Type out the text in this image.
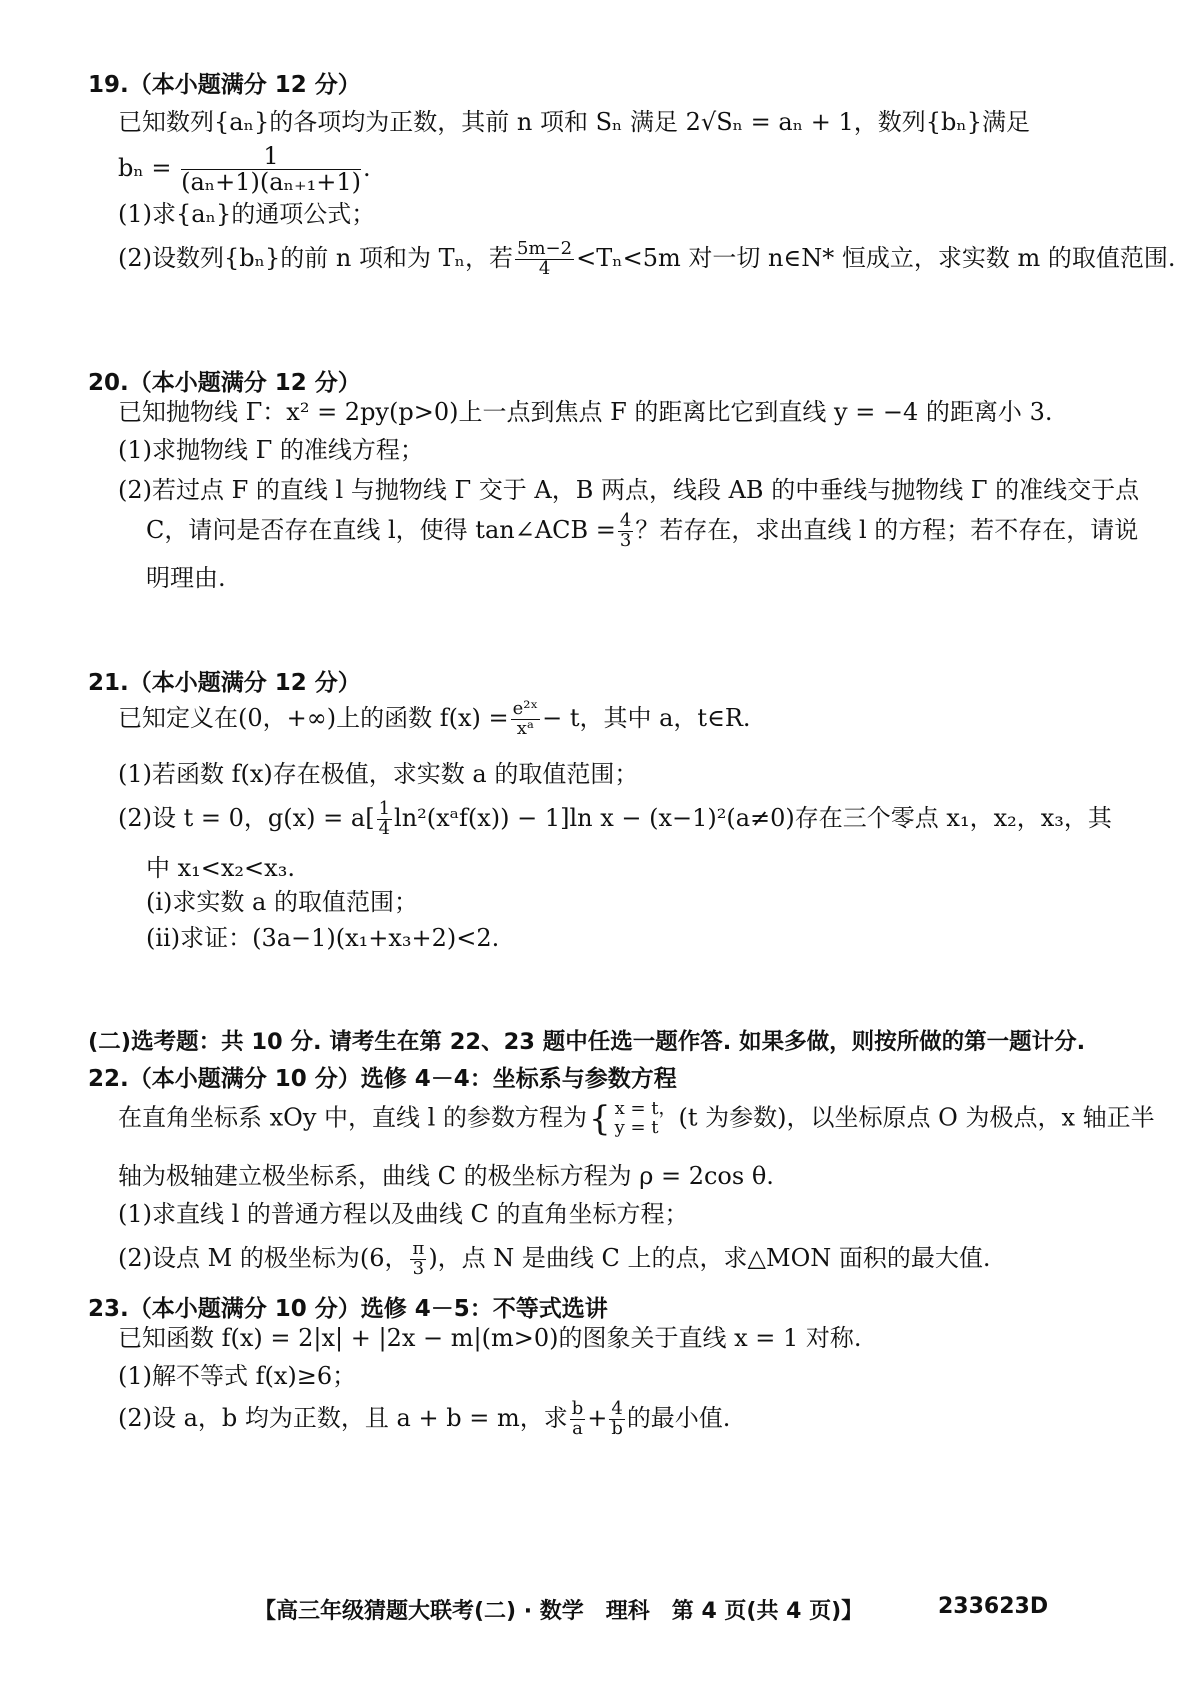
19.（本小题满分 12 分）
已知数列{aₙ}的各项均为正数，其前 n 项和 Sₙ 满足 2√Sₙ = aₙ + 1，数列{bₙ}满足
$b_n = \frac{1}{\text{(aₙ+1)(aₙ₊₁+1)}}$ .
(1)求{aₙ}的通项公式；
(2)设数列{bₙ}的前 n 项和为 Tₙ，若 $\frac{5m-2}{4} <T_n<5m$ 对一切 n∈N* 恒成立，求实数 m 的取值范围.
20.（本小题满分 12 分）
已知抛物线 Γ：x² = 2py(p>0)上一点到焦点 F 的距离比它到直线 y = −4 的距离小 3.
(1)求抛物线 Γ 的准线方程；
(2)若过点 F 的直线 l 与抛物线 Γ 交于 A，B 两点，线段 AB 的中垂线与抛物线 Γ 的准线交于点
C，请问是否存在直线 l，使得 tan∠ACB = $\frac{4}{3}$ ？若存在，求出直线 l 的方程；若不存在，请说
明理由.
21.（本小题满分 12 分）
已知定义在(0，+∞)上的函数 $f(x) = \frac{\text{e²ˣ}}{\text{xᵃ}} - t$，其中 a，t∈R.
(1)若函数 f(x)存在极值，求实数 a 的取值范围；
(2)设 t = 0，$g(x) = a[ \frac{1}{4}$ ln²(xᵃf(x)) − 1]ln x − (x−1)²(a≠0)存在三个零点 x₁，x₂，x₃，其
中 x₁<x₂<x₃.
(ⅰ)求实数 a 的取值范围；
(ⅱ)求证：(3a−1)(x₁+x₃+2)<2.
(二)选考题：共 10 分. 请考生在第 22、23 题中任选一题作答. 如果多做，则按所做的第一题计分.
22.（本小题满分 10 分）选修 4－4：坐标系与参数方程
在直角坐标系 xOy 中，直线 l 的参数方程为{ x = t，
y = t (t 为参数)，以坐标原点 O 为极点，x 轴正半
轴为极轴建立极坐标系，曲线 C 的极坐标方程为 ρ = 2cos θ.
(1)求直线 l 的普通方程以及曲线 C 的直角坐标方程；
(2)设点 M 的极坐标为(6， $\frac{\pi}{3}$ )，点 N 是曲线 C 上的点，求△MON 面积的最大值.
23.（本小题满分 10 分）选修 4－5：不等式选讲
已知函数 f(x) = 2|x| + |2x − m|(m>0)的图象关于直线 x = 1 对称.
(1)解不等式 f(x)≥6；
(2)设 a，b 均为正数，且 a + b = m，求 $\frac{b}{a} + \frac{4}{b}$ 的最小值.
【高三年级猜题大联考(二) · 数学　理科　第 4 页(共 4 页)】	233623D
